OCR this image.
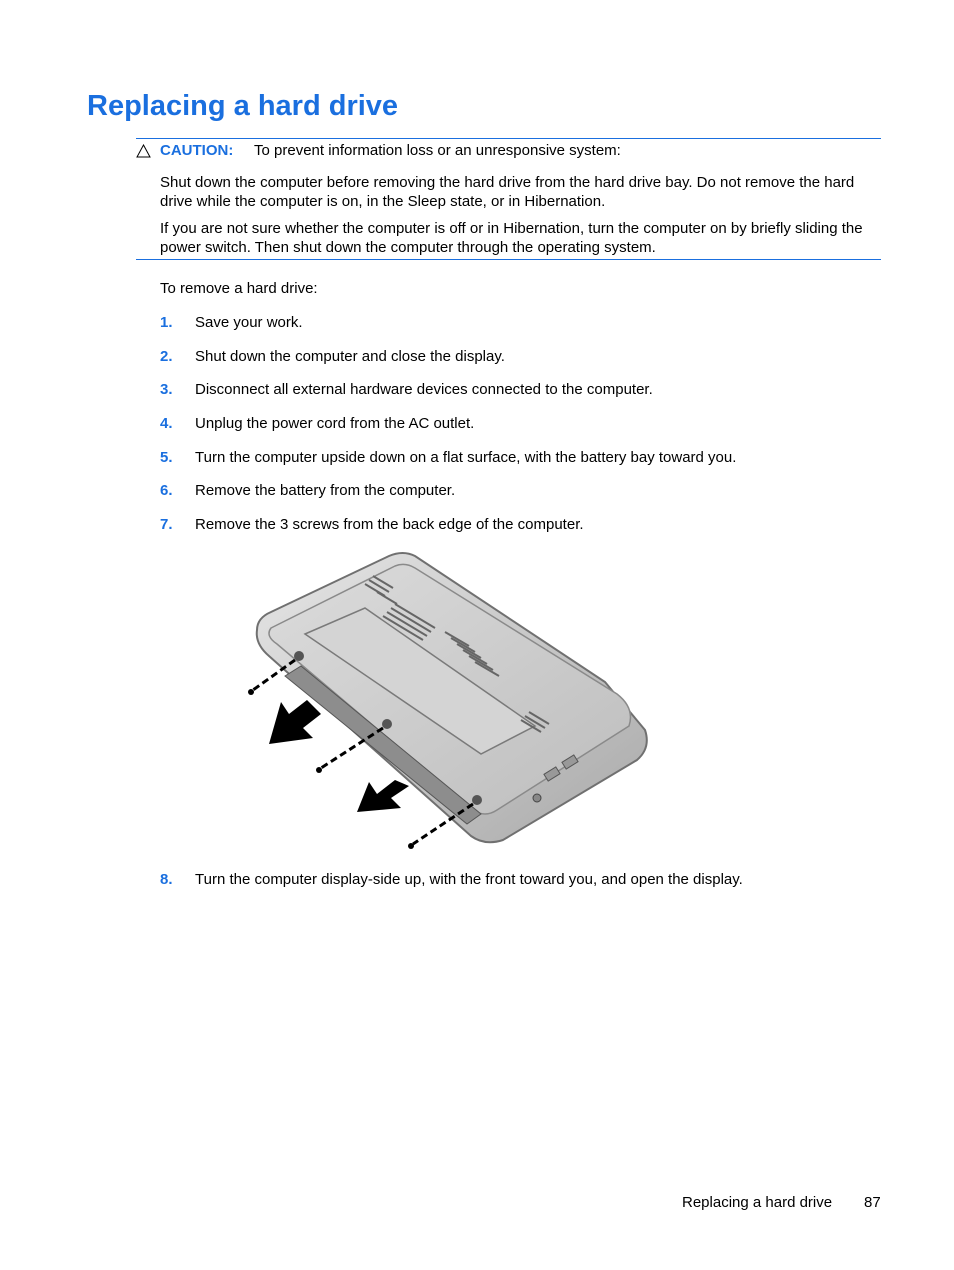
Replacing a hard drive
CAUTION: To prevent information loss or an unresponsive system:

Shut down the computer before removing the hard drive from the hard drive bay. Do not remove the hard drive while the computer is on, in the Sleep state, or in Hibernation.

If you are not sure whether the computer is off or in Hibernation, turn the computer on by briefly sliding the power switch. Then shut down the computer through the operating system.

To remove a hard drive:
1. Save your work.
2. Shut down the computer and close the display.
3. Disconnect all external hardware devices connected to the computer.
4. Unplug the power cord from the AC outlet.
5. Turn the computer upside down on a flat surface, with the battery bay toward you.
6. Remove the battery from the computer.
7. Remove the 3 screws from the back edge of the computer.
8. Turn the computer display-side up, with the front toward you, and open the display.
Replacing a hard drive 87
